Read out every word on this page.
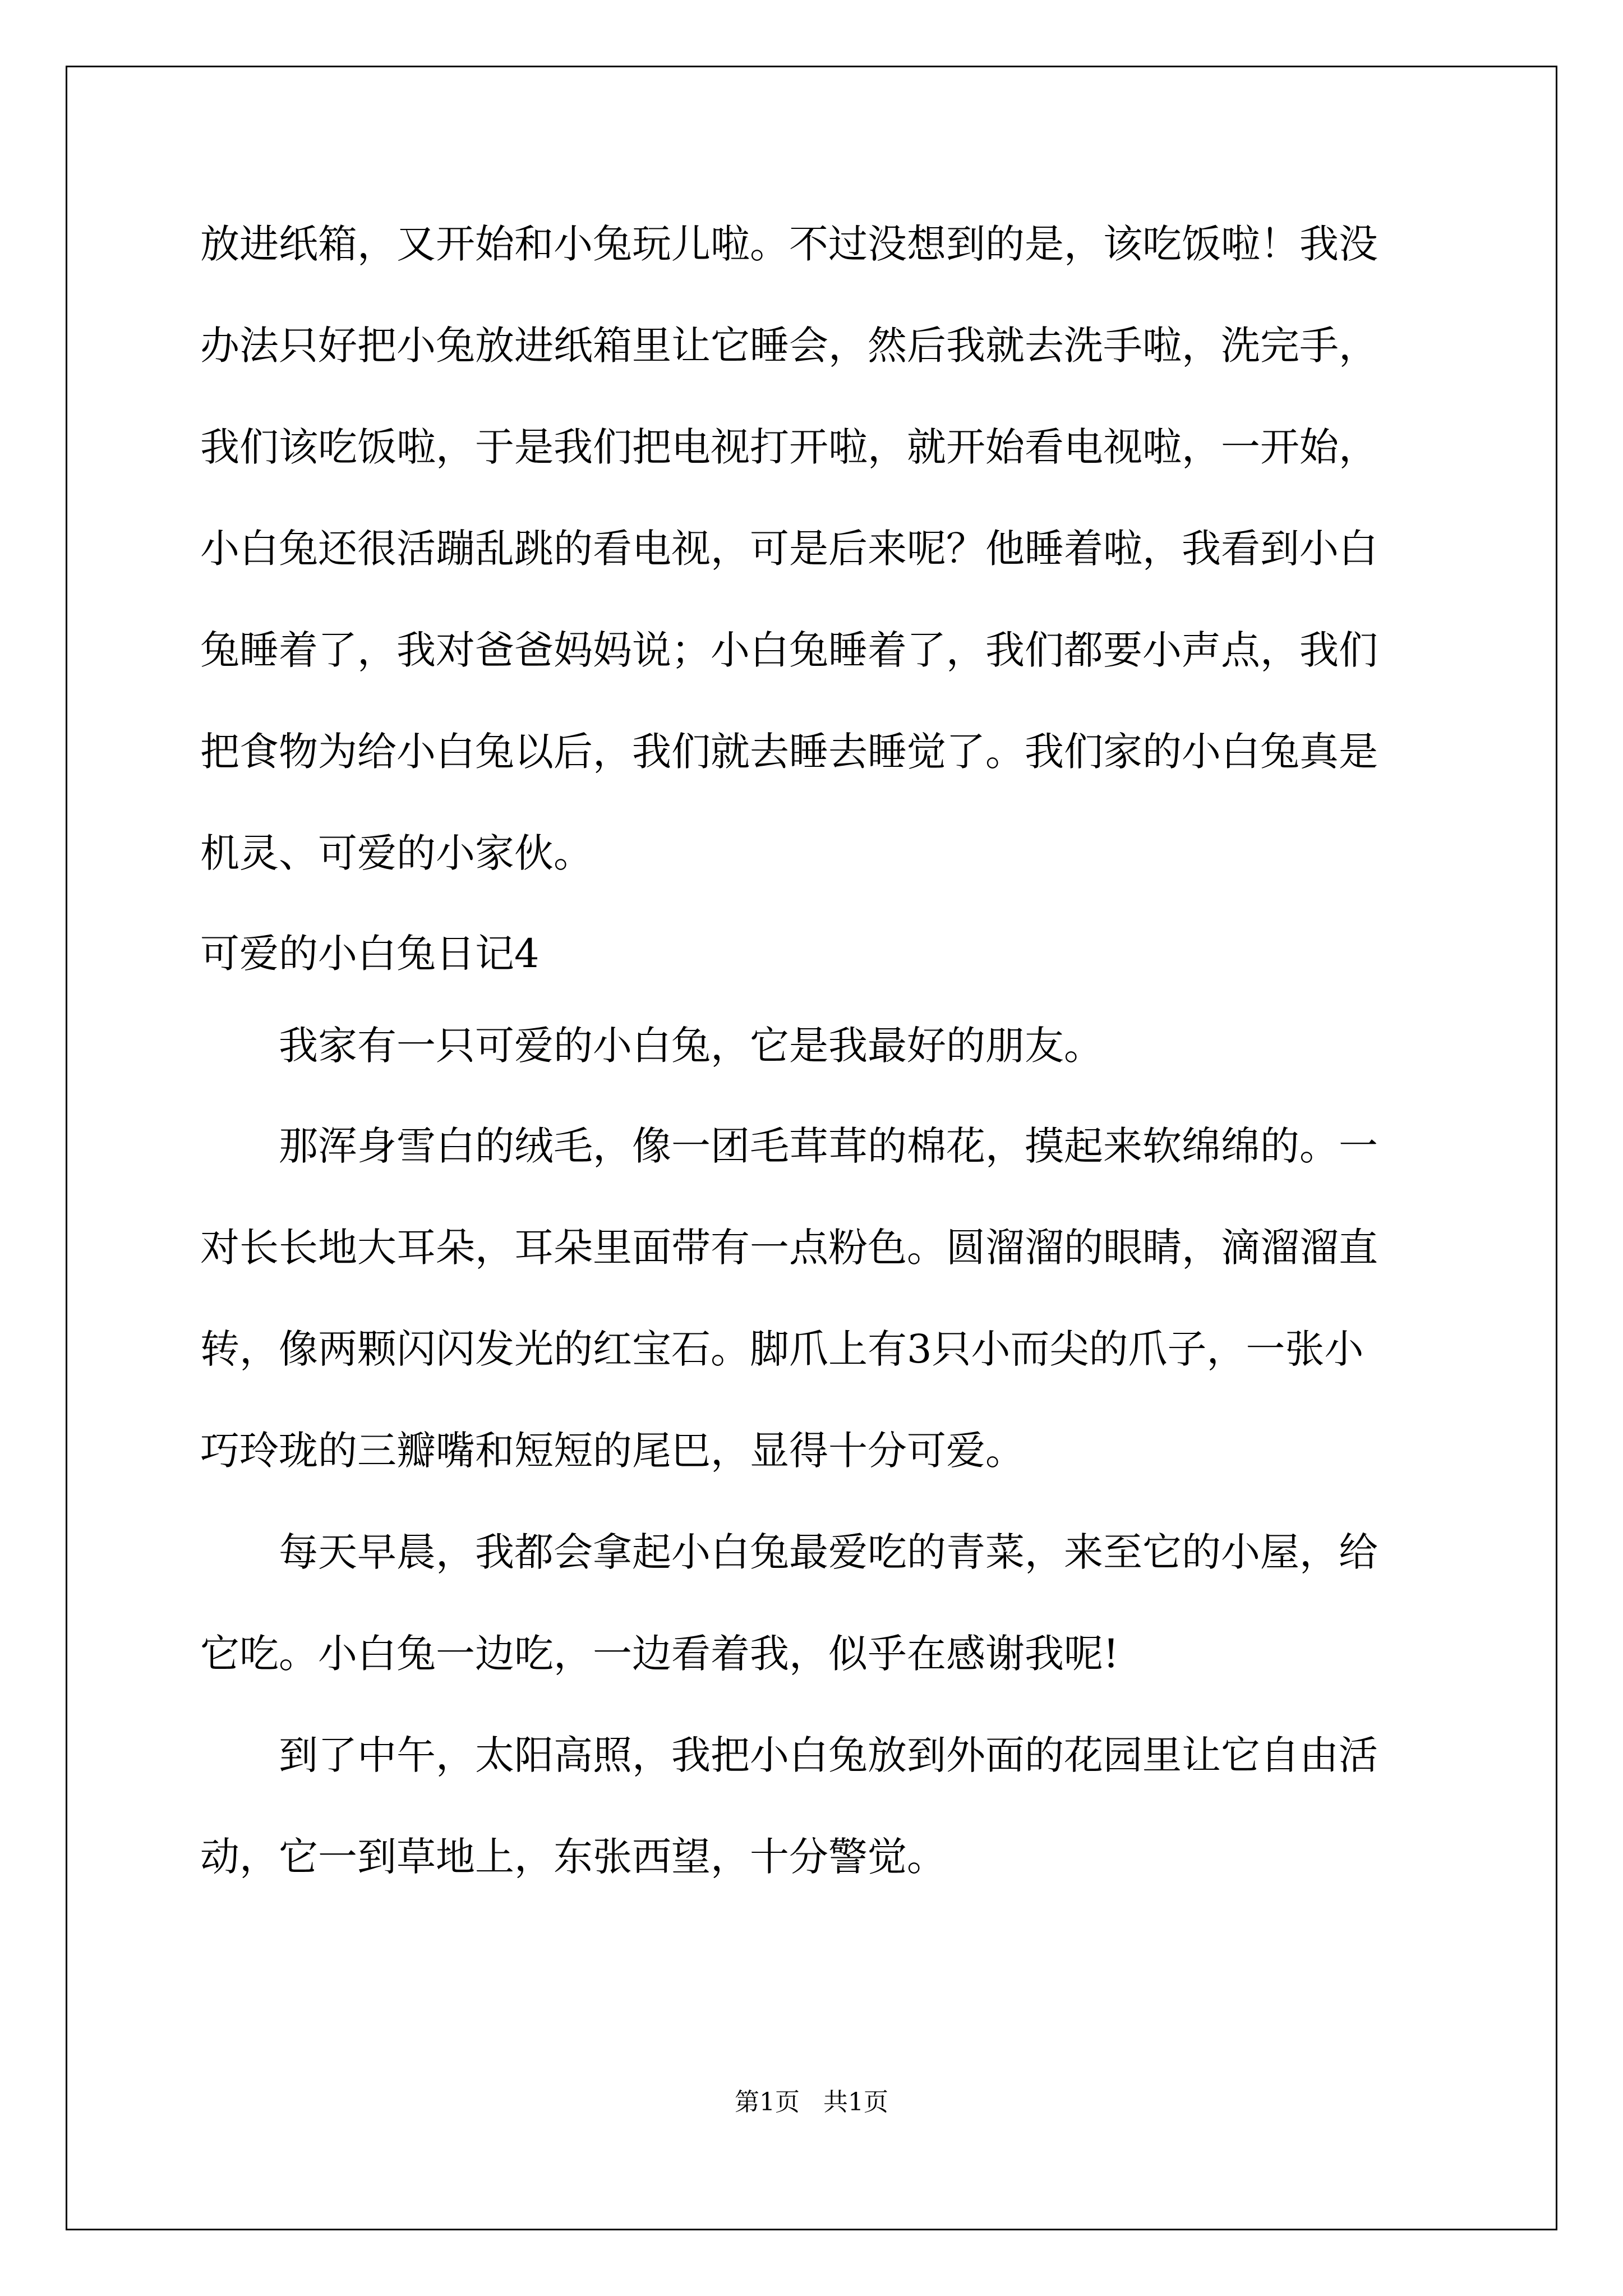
放进纸箱，又开始和小兔玩儿啦。不过没想到的是，该吃饭啦！我没
办法只好把小兔放进纸箱里让它睡会，然后我就去洗手啦，洗完手，
我们该吃饭啦，于是我们把电视打开啦，就开始看电视啦，一开始，
小白兔还很活蹦乱跳的看电视，可是后来呢？他睡着啦，我看到小白
兔睡着了，我对爸爸妈妈说；小白兔睡着了，我们都要小声点，我们
把食物为给小白兔以后，我们就去睡去睡觉了。我们家的小白兔真是
机灵、可爱的小家伙。
可爱的小白兔日记4
我家有一只可爱的小白兔，它是我最好的朋友。
那浑身雪白的绒毛，像一团毛茸茸的棉花，摸起来软绵绵的。一
对长长地大耳朵，耳朵里面带有一点粉色。圆溜溜的眼睛，滴溜溜直
转，像两颗闪闪发光的红宝石。脚爪上有3只小而尖的爪子，一张小
巧玲珑的三瓣嘴和短短的尾巴，显得十分可爱。
每天早晨，我都会拿起小白兔最爱吃的青菜，来至它的小屋，给
它吃。小白兔一边吃，一边看着我，似乎在感谢我呢!
到了中午，太阳高照，我把小白兔放到外面的花园里让它自由活
动，它一到草地上，东张西望，十分警觉。
第1页   共1页
